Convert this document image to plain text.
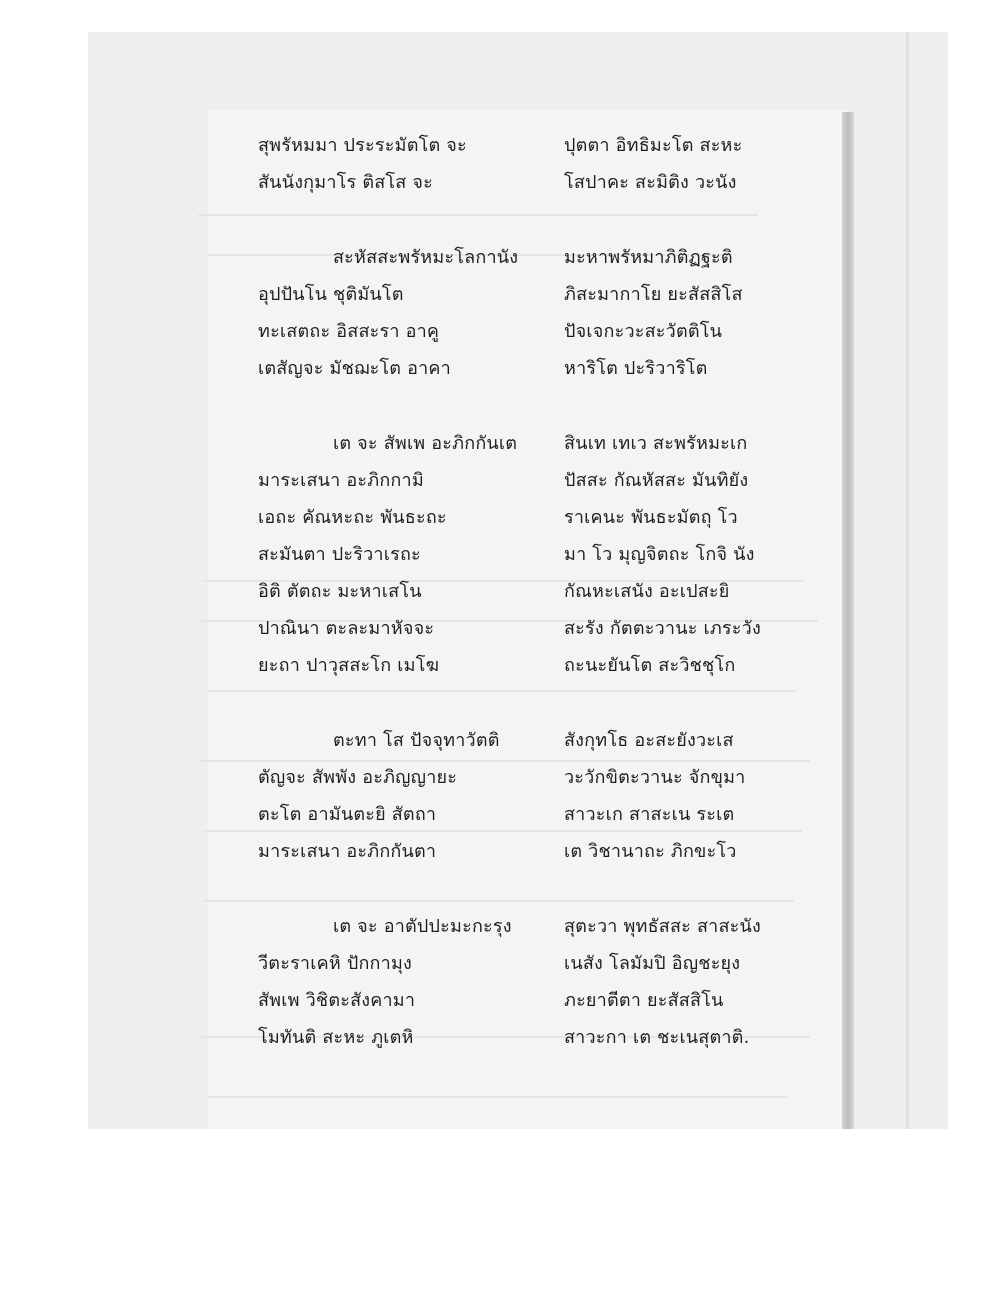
สุพรัหมมา ประระมัตโต จะ	ปุตตา อิทธิมะโต สะหะ
สันนังกุมาโร ติสโส จะ	โสปาคะ สะมิติง วะนัง
สะหัสสะพรัหมะโลกานัง	มะหาพรัหมาภิติฏฐะติ
อุปปันโน ชุติมันโต	ภิสะมากาโย ยะสัสสิโส
ทะเสตถะ อิสสะรา อาคู	ปัจเจกะวะสะวัตติโน
เตสัญจะ มัชฌะโต อาคา	หาริโต ปะริวาริโต
เต จะ สัพเพ อะภิกกันเต	สินเท เทเว สะพรัหมะเก
มาระเสนา อะภิกกามิ	ปัสสะ กัณหัสสะ มันทิยัง
เอถะ คัณหะถะ พันธะถะ	ราเคนะ พันธะมัตถุ โว
สะมันตา ปะริวาเรถะ	มา โว มุญจิตถะ โกจิ นัง
อิติ ตัตถะ มะหาเสโน	กัณหะเสนัง อะเปสะยิ
ปาณินา ตะละมาหัจจะ	สะรัง กัตตะวานะ เภระวัง
ยะถา ปาวุสสะโก เมโฆ	ถะนะยันโต สะวิชชุโก
ตะทา โส ปัจจุทาวัตติ	สังกุทโธ อะสะยังวะเส
ตัญจะ สัพพัง อะภิญญายะ	วะวักขิตะวานะ จักขุมา
ตะโต อามันตะยิ สัตถา	สาวะเก สาสะเน ระเต
มาระเสนา อะภิกกันตา	เต วิชานาถะ ภิกขะโว
เต จะ อาตัปปะมะกะรุง	สุตะวา พุทธัสสะ สาสะนัง
วีตะราเคหิ ปักกามุง	เนสัง โลมัมปิ อิญชะยุง
สัพเพ วิชิตะสังคามา	ภะยาตีตา ยะสัสสิโน
โมทันติ สะหะ ภูเตหิ	สาวะกา เต ชะเนสุตาติ.
